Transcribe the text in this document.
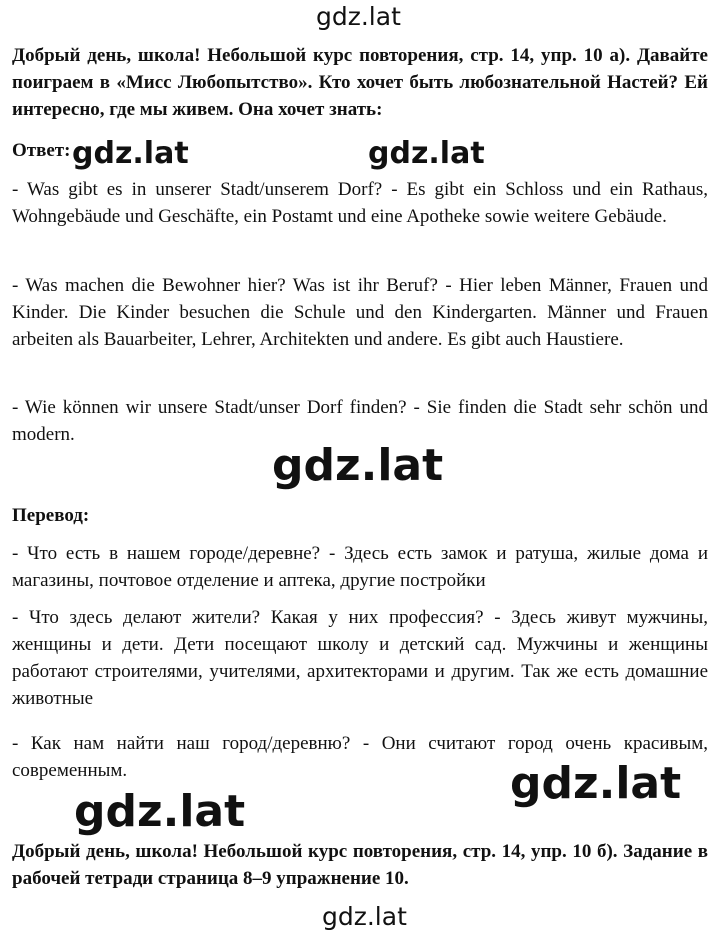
gdz.lat
Добрый день, школа! Небольшой курс повторения, стр. 14, упр. 10 а). Давайте поиграем в «Мисс Любопытство». Кто хочет быть любознательной Настей? Ей интересно, где мы живем. Она хочет знать:
Ответ: gdz.lat	gdz.lat
- Was gibt es in unserer Stadt/unserem Dorf? - Es gibt ein Schloss und ein Rathaus, Wohngebäude und Geschäfte, ein Postamt und eine Apotheke sowie weitere Gebäude.
- Was machen die Bewohner hier? Was ist ihr Beruf? - Hier leben Männer, Frauen und Kinder. Die Kinder besuchen die Schule und den Kindergarten. Männer und Frauen arbeiten als Bauarbeiter, Lehrer, Architekten und andere. Es gibt auch Haustiere.
- Wie können wir unsere Stadt/unser Dorf finden? - Sie finden die Stadt sehr schön und modern.
gdz.lat
Перевод:
- Что есть в нашем городе/деревне? - Здесь есть замок и ратуша, жилые дома и магазины, почтовое отделение и аптека, другие постройки
- Что здесь делают жители? Какая у них профессия? - Здесь живут мужчины, женщины и дети. Дети посещают школу и детский сад. Мужчины и женщины работают строителями, учителями, архитекторами и другим. Так же есть домашние животные
- Как нам найти наш город/деревню? - Они считают город очень красивым, современным.	gdz.lat
gdz.lat
Добрый день, школа! Небольшой курс повторения, стр. 14, упр. 10 б). Задание в рабочей тетради страница 8–9 упражнение 10.
gdz.lat
